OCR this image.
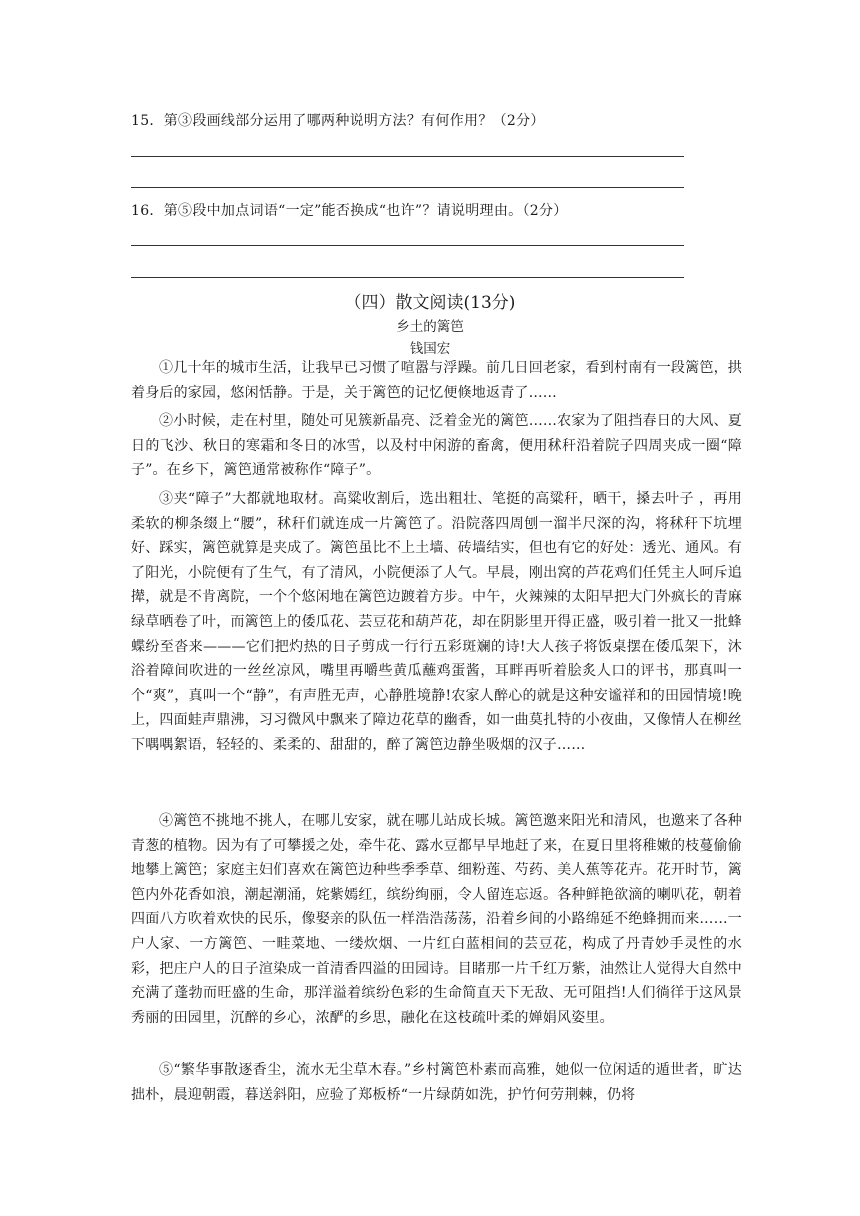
15．第③段画线部分运用了哪两种说明方法？有何作用？（2分）
16．第⑤段中加点词语“一定”能否换成“也许”？请说明理由。（2分）
（四）散文阅读(13分)
乡土的篱笆
钱国宏
①几十年的城市生活，让我早已习惯了喧嚣与浮躁。前几日回老家，看到村南有一段篱笆，拱着身后的家园，悠闲恬静。于是，关于篱笆的记忆便倏地返青了……
②小时候，走在村里，随处可见簇新晶亮、泛着金光的篱笆……农家为了阻挡春日的大风、夏日的飞沙、秋日的寒霜和冬日的冰雪，以及村中闲游的畜禽，便用秫秆沿着院子四周夹成一圈“障子”。在乡下，篱笆通常被称作“障子”。
③夹“障子”大都就地取材。高粱收割后，选出粗壮、笔挺的高粱秆，晒干，搡去叶子 ，再用柔软的柳条缀上“腰”，秫秆们就连成一片篱笆了。沿院落四周刨一溜半尺深的沟，将秫秆下坑埋好、踩实，篱笆就算是夹成了。篱笆虽比不上土墙、砖墙结实，但也有它的好处：透光、通风。有了阳光，小院便有了生气，有了清风，小院便添了人气。早晨，刚出窝的芦花鸡们任凭主人呵斥追撵，就是不肯离院，一个个悠闲地在篱笆边踱着方步。中午，火辣辣的太阳早把大门外疯长的青麻绿草晒卷了叶，而篱笆上的倭瓜花、芸豆花和葫芦花，却在阴影里开得正盛，吸引着一批又一批蜂蝶纷至沓来———它们把灼热的日子剪成一行行五彩斑斓的诗!大人孩子将饭桌摆在倭瓜架下，沐浴着障间吹进的一丝丝凉风，嘴里再嚼些黄瓜蘸鸡蛋酱，耳畔再听着脍炙人口的评书，那真叫一个“爽”，真叫一个“静”，有声胜无声，心静胜境静!农家人醉心的就是这种安谧祥和的田园情境!晚上，四面蛙声鼎沸，习习微风中飘来了障边花草的幽香，如一曲莫扎特的小夜曲，又像情人在柳丝下喁喁絮语，轻轻的、柔柔的、甜甜的，醉了篱笆边静坐吸烟的汉子……
④篱笆不挑地不挑人，在哪儿安家，就在哪儿站成长城。篱笆邀来阳光和清风，也邀来了各种青葱的植物。因为有了可攀援之处，牵牛花、露水豆都早早地赶了来，在夏日里将稚嫩的枝蔓偷偷地攀上篱笆；家庭主妇们喜欢在篱笆边种些季季草、细粉莲、芍药、美人蕉等花卉。花开时节，篱笆内外花香如浪，潮起潮涌，姹紫嫣红，缤纷绚丽，令人留连忘返。各种鲜艳欲滴的喇叭花，朝着四面八方吹着欢快的民乐，像娶亲的队伍一样浩浩荡荡，沿着乡间的小路绵延不绝蜂拥而来……一户人家、一方篱笆、一畦菜地、一缕炊烟、一片红白蓝相间的芸豆花，构成了丹青妙手灵性的水彩，把庄户人的日子渲染成一首清香四溢的田园诗。目睹那一片千红万紫，油然让人觉得大自然中充满了蓬勃而旺盛的生命，那洋溢着缤纷色彩的生命简直天下无敌、无可阻挡!人们徜徉于这风景秀丽的田园里，沉醉的乡心，浓酽的乡思，融化在这枝疏叶柔的婵娟风姿里。
⑤“繁华事散逐香尘，流水无尘草木春。”乡村篱笆朴素而高雅，她似一位闲适的遁世者，旷达拙朴，晨迎朝霞，暮送斜阳，应验了郑板桥“一片绿荫如洗，护竹何劳荆棘，仍将
